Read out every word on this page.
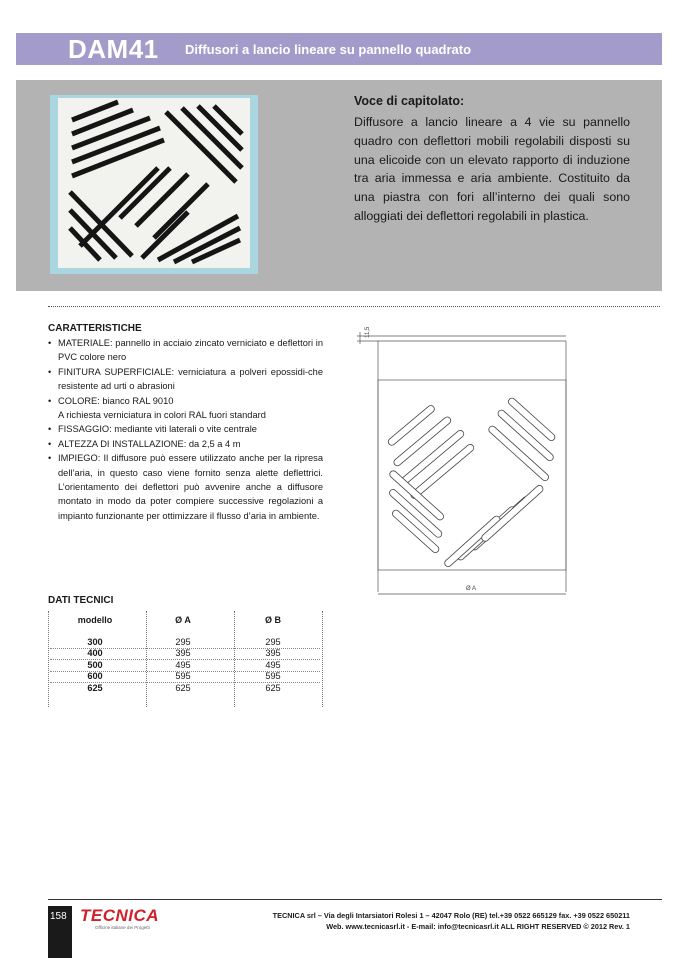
DAM41 Diffusori a lancio lineare su pannello quadrato
Voce di capitolato:
Diffusore a lancio lineare a 4 vie su pannello quadro con deflettori mobili regolabili disposti su una elicoide con un elevato rapporto di induzione tra aria immessa e aria ambiente. Costituito da una piastra con fori all’interno dei quali sono alloggiati dei deflettori regolabili in plastica.
CARATTERISTICHE
• MATERIALE: pannello in acciaio zincato verniciato e deflettori in PVC colore nero
• FINITURA SUPERFICIALE: verniciatura a polveri epossidi-che resistente ad urti o abrasioni
• COLORE: bianco RAL 9010
A richiesta verniciatura in colori RAL fuori standard
• FISSAGGIO: mediante viti laterali o vite centrale
• ALTEZZA DI INSTALLAZIONE: da 2,5 a 4 m
• IMPIEGO: Il diffusore può essere utilizzato anche per la ripresa dell’aria, in questo caso viene fornito senza alette deflettrici. L’orientamento dei deflettori può avvenire anche a diffusore montato in modo da poter compiere successive regolazioni a impianto funzionante per ottimizzare il flusso d’aria in ambiente.
11,5
Ø A
DATI TECNICI
modello	Ø A	Ø B
300	295	295
400	395	395
500	495	495
600	595	595
625	625	625
158 TECNICA
Officine italiane dei Progetti
TECNICA srl – Via degli Intarsiatori Rolesi 1 – 42047 Rolo (RE) tel.+39 0522 665129 fax. +39 0522 650211
Web. www.tecnicasrl.it - E-mail: info@tecnicasrl.it ALL RIGHT RESERVED © 2012 Rev. 1
